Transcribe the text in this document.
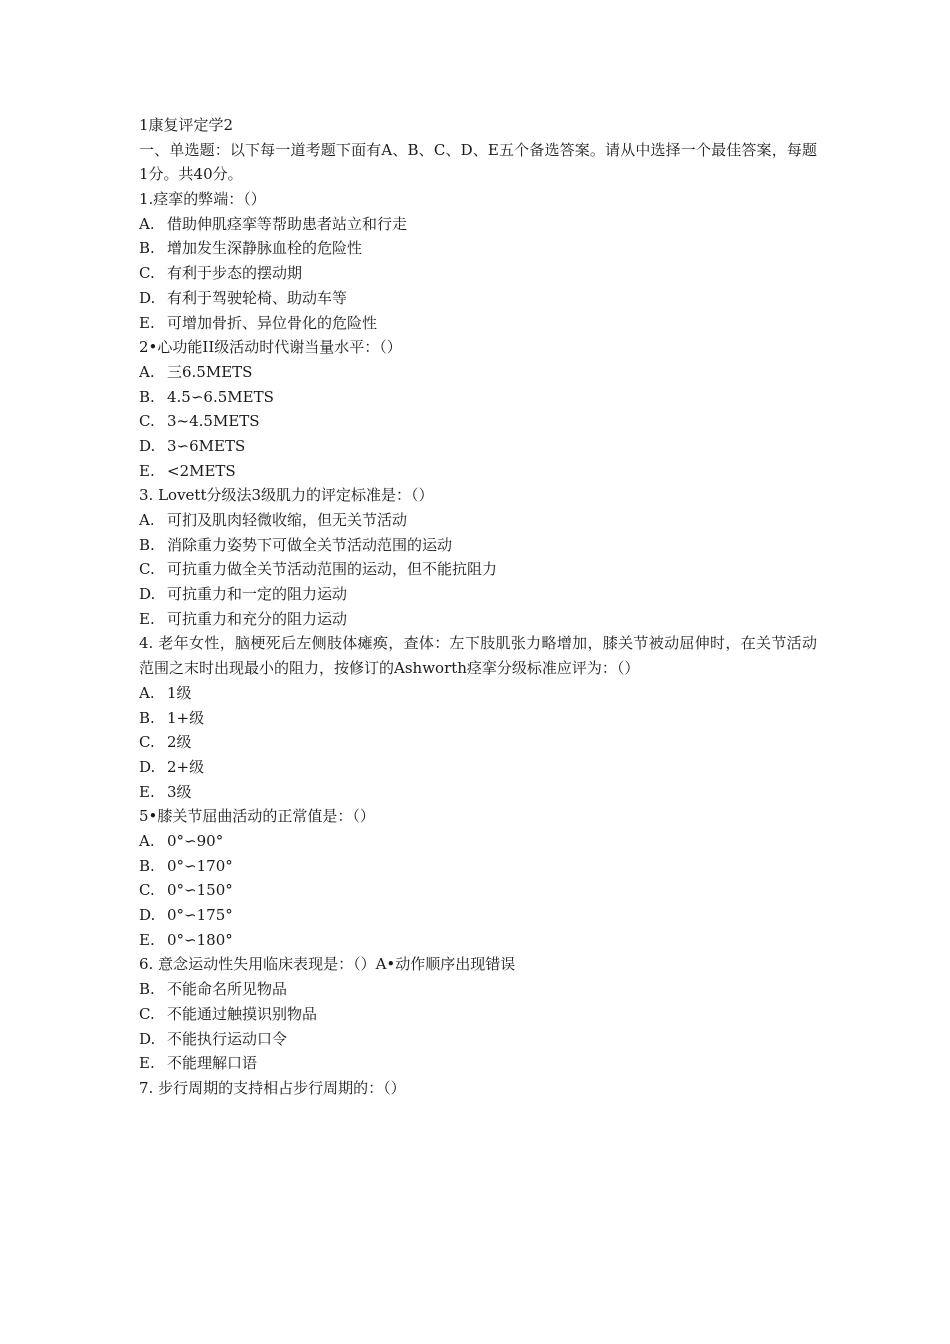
1康复评定学2
一、单选题：以下每一道考题下面有A、B、C、D、E五个备选答案。请从中选择一个最佳答案，每题1分。共40分。
1.痉挛的弊端：（）
A. 借助伸肌痉挛等帮助患者站立和行走
B. 增加发生深静脉血栓的危险性
C. 有利于步态的摆动期
D. 有利于驾驶轮椅、助动车等
E. 可增加骨折、异位骨化的危险性
2•心功能II级活动时代谢当量水平：（）
A. 三6.5METS
B. 4.5∽6.5METS
C. 3~4.5METS
D. 3∽6METS
E. <2METS
3. Lovett分级法3级肌力的评定标准是：（）
A. 可扪及肌肉轻微收缩，但无关节活动
B. 消除重力姿势下可做全关节活动范围的运动
C. 可抗重力做全关节活动范围的运动，但不能抗阻力
D. 可抗重力和一定的阻力运动
E. 可抗重力和充分的阻力运动
4. 老年女性，脑梗死后左侧肢体瘫痪，查体：左下肢肌张力略增加，膝关节被动屈伸时，在关节活动范围之末时出现最小的阻力，按修订的Ashworth痉挛分级标准应评为：（）
A. 1级
B. 1+级
C. 2级
D. 2+级
E. 3级
5•膝关节屈曲活动的正常值是：（）
A. 0°∽90°
B. 0°∽170°
C. 0°∽150°
D. 0°∽175°
E. 0°∽180°
6. 意念运动性失用临床表现是：（）A•动作顺序出现错误
B. 不能命名所见物品
C. 不能通过触摸识别物品
D. 不能执行运动口令
E. 不能理解口语
7. 步行周期的支持相占步行周期的：（）
